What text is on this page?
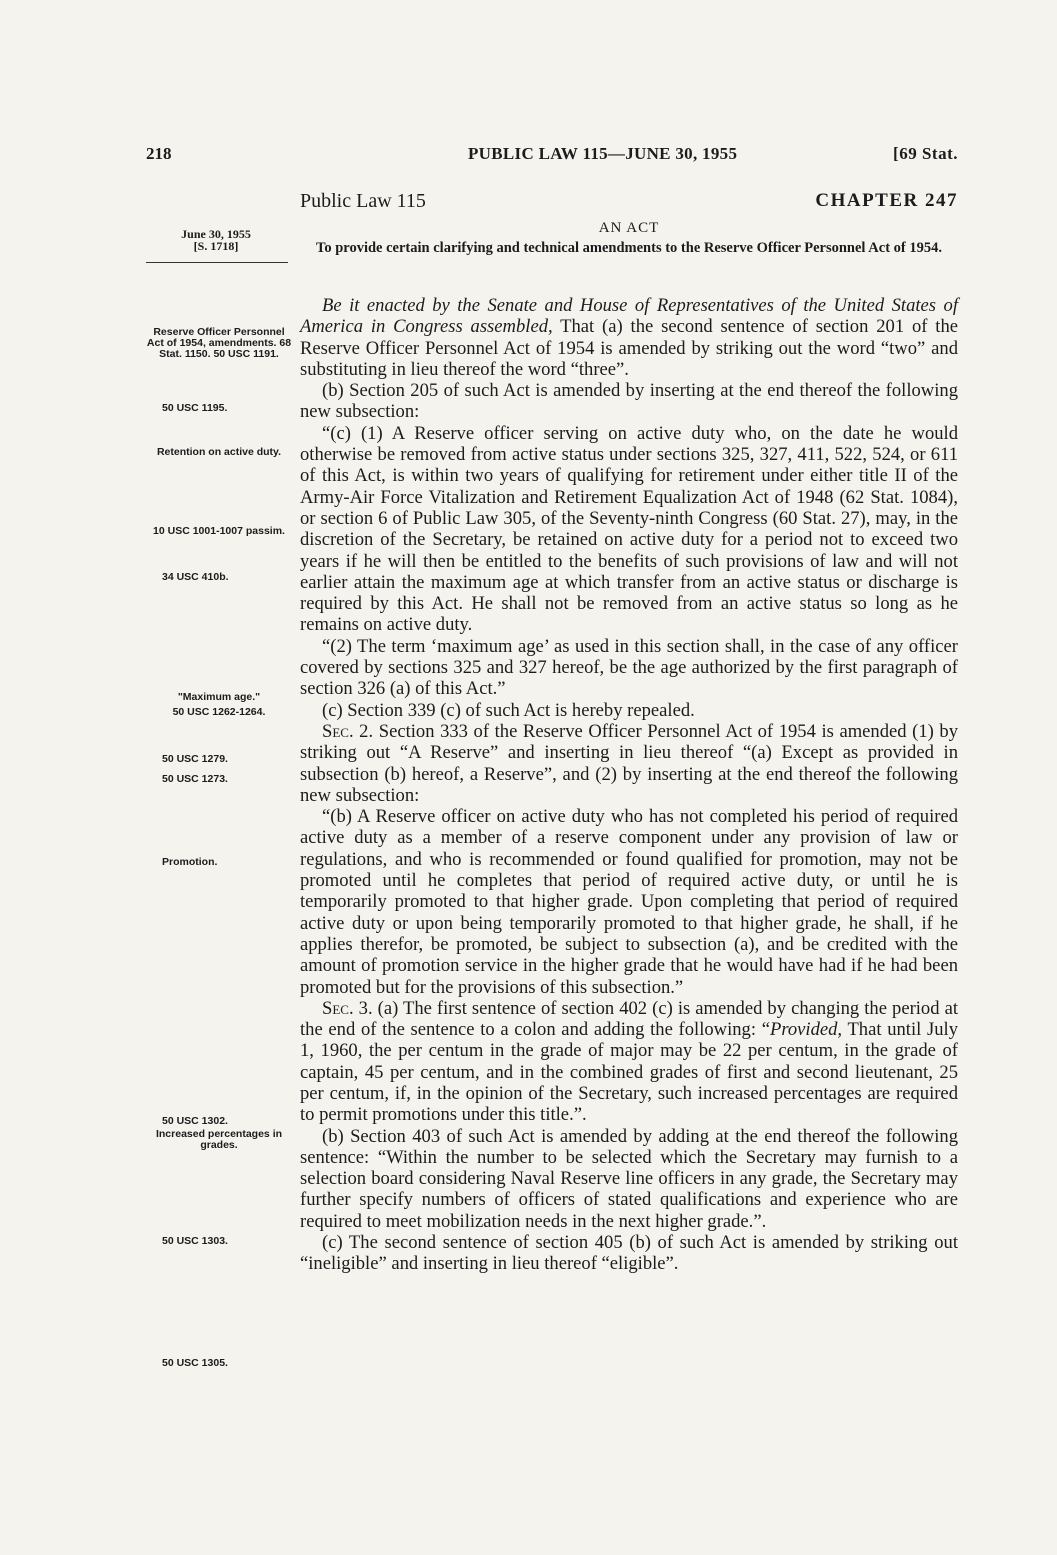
218	PUBLIC LAW 115—JUNE 30, 1955	[69 Stat.
Public Law 115	CHAPTER 247
AN ACT
To provide certain clarifying and technical amendments to the Reserve Officer Personnel Act of 1954.
June 30, 1955
[S. 1718]
Reserve Officer Personnel Act of 1954, amendments. 68 Stat. 1150. 50 USC 1191.
50 USC 1195.
Retention on active duty.
10 USC 1001-1007 passim.
34 USC 410b.
"Maximum age."
50 USC 1262-1264.
50 USC 1279.
50 USC 1273.
Promotion.
50 USC 1302.
Increased percentages in grades.
50 USC 1303.
50 USC 1305.

Be it enacted by the Senate and House of Representatives of the United States of America in Congress assembled, That (a) the second sentence of section 201 of the Reserve Officer Personnel Act of 1954 is amended by striking out the word “two” and substituting in lieu thereof the word “three”.

(b) Section 205 of such Act is amended by inserting at the end thereof the following new subsection:

“(c) (1) A Reserve officer serving on active duty who, on the date he would otherwise be removed from active status under sections 325, 327, 411, 522, 524, or 611 of this Act, is within two years of qualifying for retirement under either title II of the Army-Air Force Vitalization and Retirement Equalization Act of 1948 (62 Stat. 1084), or section 6 of Public Law 305, of the Seventy-ninth Congress (60 Stat. 27), may, in the discretion of the Secretary, be retained on active duty for a period not to exceed two years if he will then be entitled to the benefits of such provisions of law and will not earlier attain the maximum age at which transfer from an active status or discharge is required by this Act. He shall not be removed from an active status so long as he remains on active duty.

“(2) The term ‘maximum age’ as used in this section shall, in the case of any officer covered by sections 325 and 327 hereof, be the age authorized by the first paragraph of section 326 (a) of this Act.”

(c) Section 339 (c) of such Act is hereby repealed.

Sec. 2. Section 333 of the Reserve Officer Personnel Act of 1954 is amended (1) by striking out “A Reserve” and inserting in lieu thereof “(a) Except as provided in subsection (b) hereof, a Reserve”, and (2) by inserting at the end thereof the following new subsection:

“(b) A Reserve officer on active duty who has not completed his period of required active duty as a member of a reserve component under any provision of law or regulations, and who is recommended or found qualified for promotion, may not be promoted until he completes that period of required active duty, or until he is temporarily promoted to that higher grade. Upon completing that period of required active duty or upon being temporarily promoted to that higher grade, he shall, if he applies therefor, be promoted, be subject to subsection (a), and be credited with the amount of promotion service in the higher grade that he would have had if he had been promoted but for the provisions of this subsection.”

Sec. 3. (a) The first sentence of section 402 (c) is amended by changing the period at the end of the sentence to a colon and adding the following: “Provided, That until July 1, 1960, the per centum in the grade of major may be 22 per centum, in the grade of captain, 45 per centum, and in the combined grades of first and second lieutenant, 25 per centum, if, in the opinion of the Secretary, such increased percentages are required to permit promotions under this title.”.

(b) Section 403 of such Act is amended by adding at the end thereof the following sentence: “Within the number to be selected which the Secretary may furnish to a selection board considering Naval Reserve line officers in any grade, the Secretary may further specify numbers of officers of stated qualifications and experience who are required to meet mobilization needs in the next higher grade.”.

(c) The second sentence of section 405 (b) of such Act is amended by striking out “ineligible” and inserting in lieu thereof “eligible”.
